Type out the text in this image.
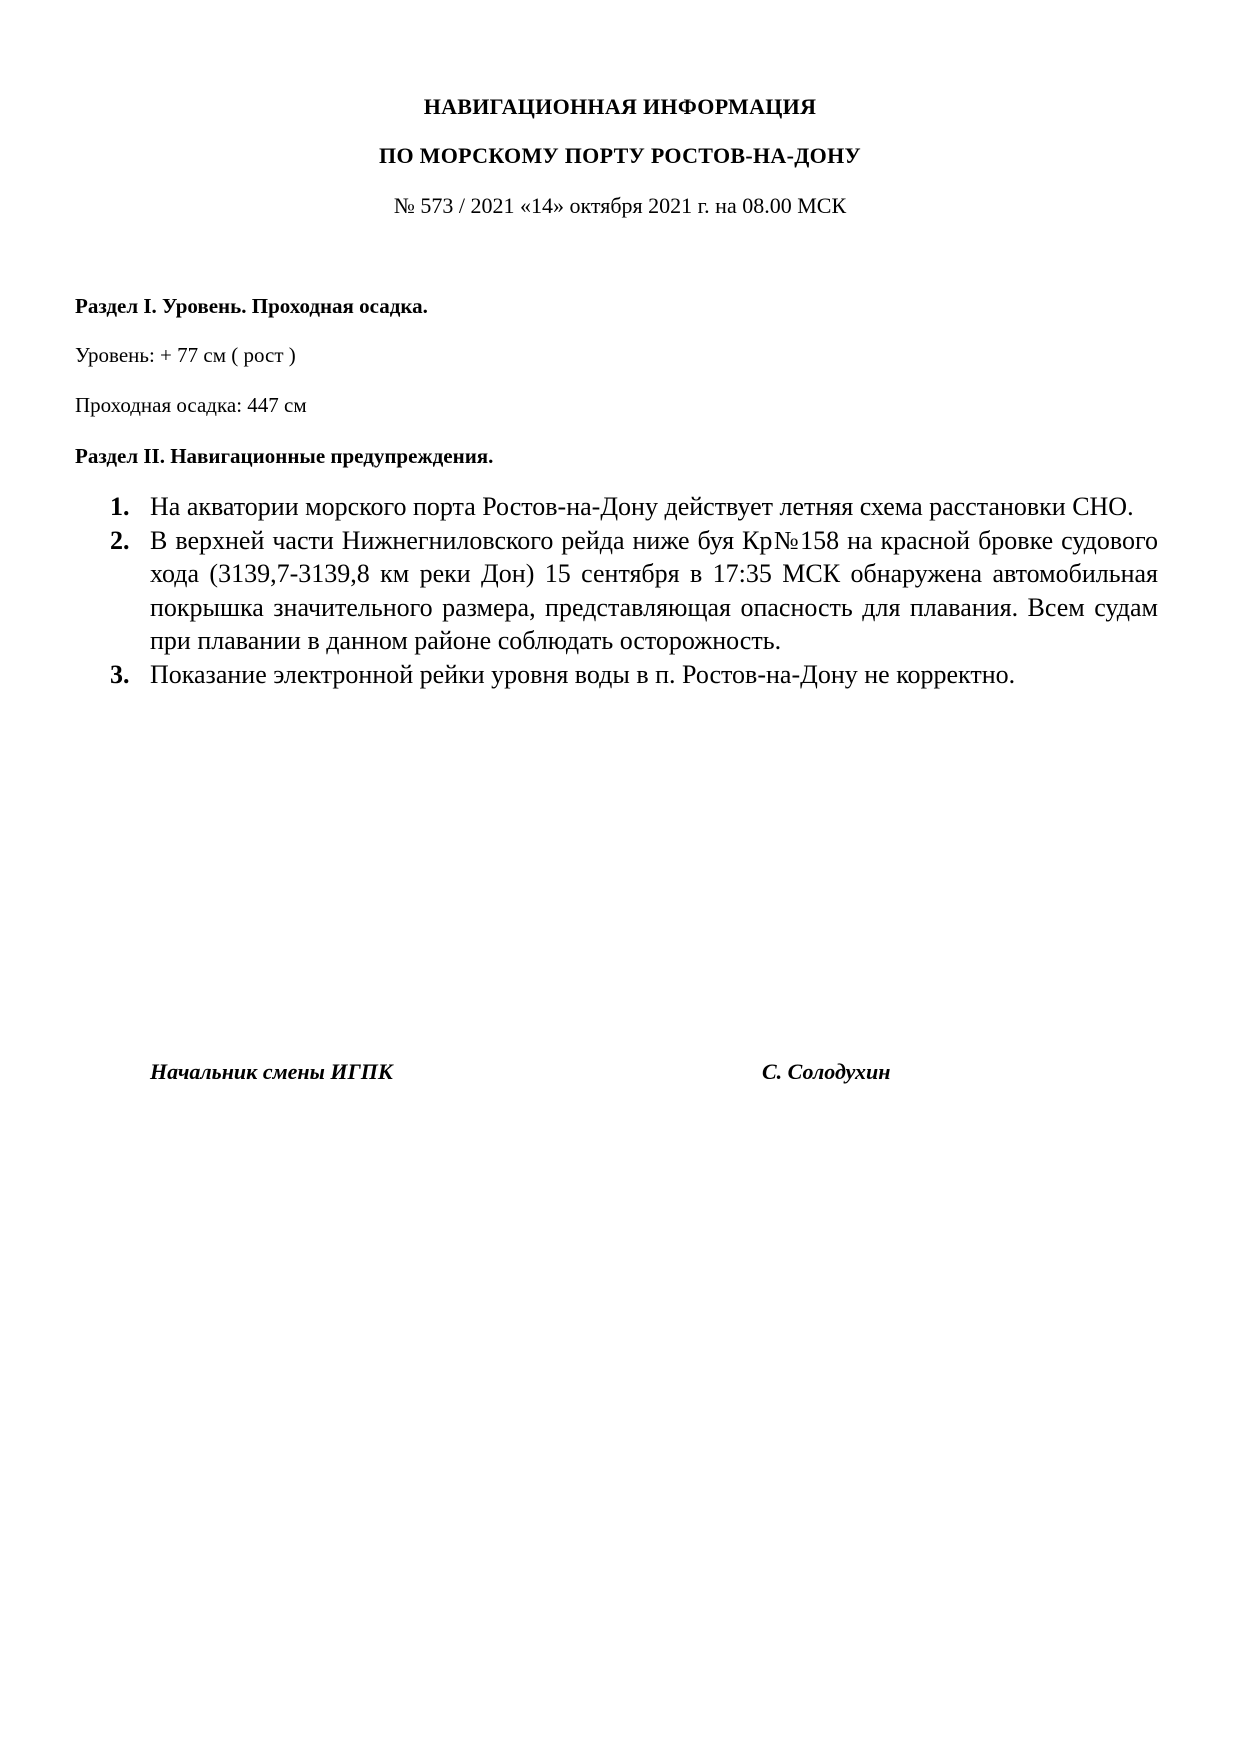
НАВИГАЦИОННАЯ ИНФОРМАЦИЯ
ПО МОРСКОМУ ПОРТУ РОСТОВ-НА-ДОНУ
№ 573 / 2021 «14» октября 2021 г. на 08.00 МСК
Раздел I. Уровень. Проходная осадка.
Уровень: + 77 см ( рост )
Проходная осадка: 447 см
Раздел II. Навигационные предупреждения.
1. На акватории морского порта Ростов-на-Дону действует летняя схема расстановки СНО.
2. В верхней части Нижнегниловского рейда ниже буя Кр№158 на красной бровке судового хода (3139,7-3139,8 км реки Дон) 15 сентября в 17:35 МСК обнаружена автомобильная покрышка значительного размера, представляющая опасность для плавания. Всем судам при плавании в данном районе соблюдать осторожность.
3. Показание электронной рейки уровня воды в п. Ростов-на-Дону не корректно.
Начальник смены ИГПК	С. Солодухин
